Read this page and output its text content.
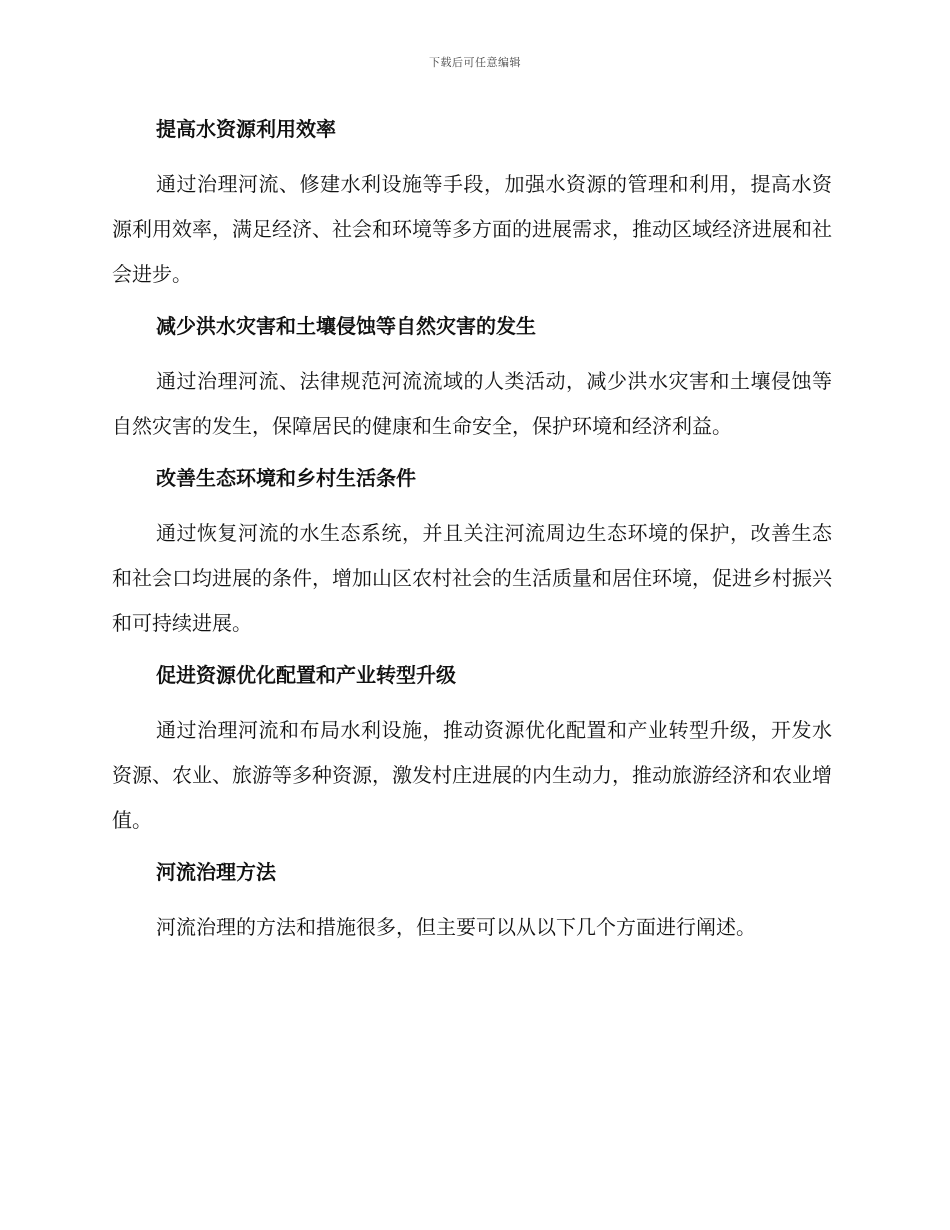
下载后可任意编辑
提高水资源利用效率

通过治理河流、修建水利设施等手段，加强水资源的管理和利用，提高水资源利用效率，满足经济、社会和环境等多方面的进展需求，推动区域经济进展和社会进步。

减少洪水灾害和土壤侵蚀等自然灾害的发生

通过治理河流、法律规范河流流域的人类活动，减少洪水灾害和土壤侵蚀等自然灾害的发生，保障居民的健康和生命安全，保护环境和经济利益。

改善生态环境和乡村生活条件

通过恢复河流的水生态系统，并且关注河流周边生态环境的保护，改善生态和社会口均进展的条件，增加山区农村社会的生活质量和居住环境，促进乡村振兴和可持续进展。

促进资源优化配置和产业转型升级

通过治理河流和布局水利设施，推动资源优化配置和产业转型升级，开发水资源、农业、旅游等多种资源，激发村庄进展的内生动力，推动旅游经济和农业增值。

河流治理方法

河流治理的方法和措施很多，但主要可以从以下几个方面进行阐述。
